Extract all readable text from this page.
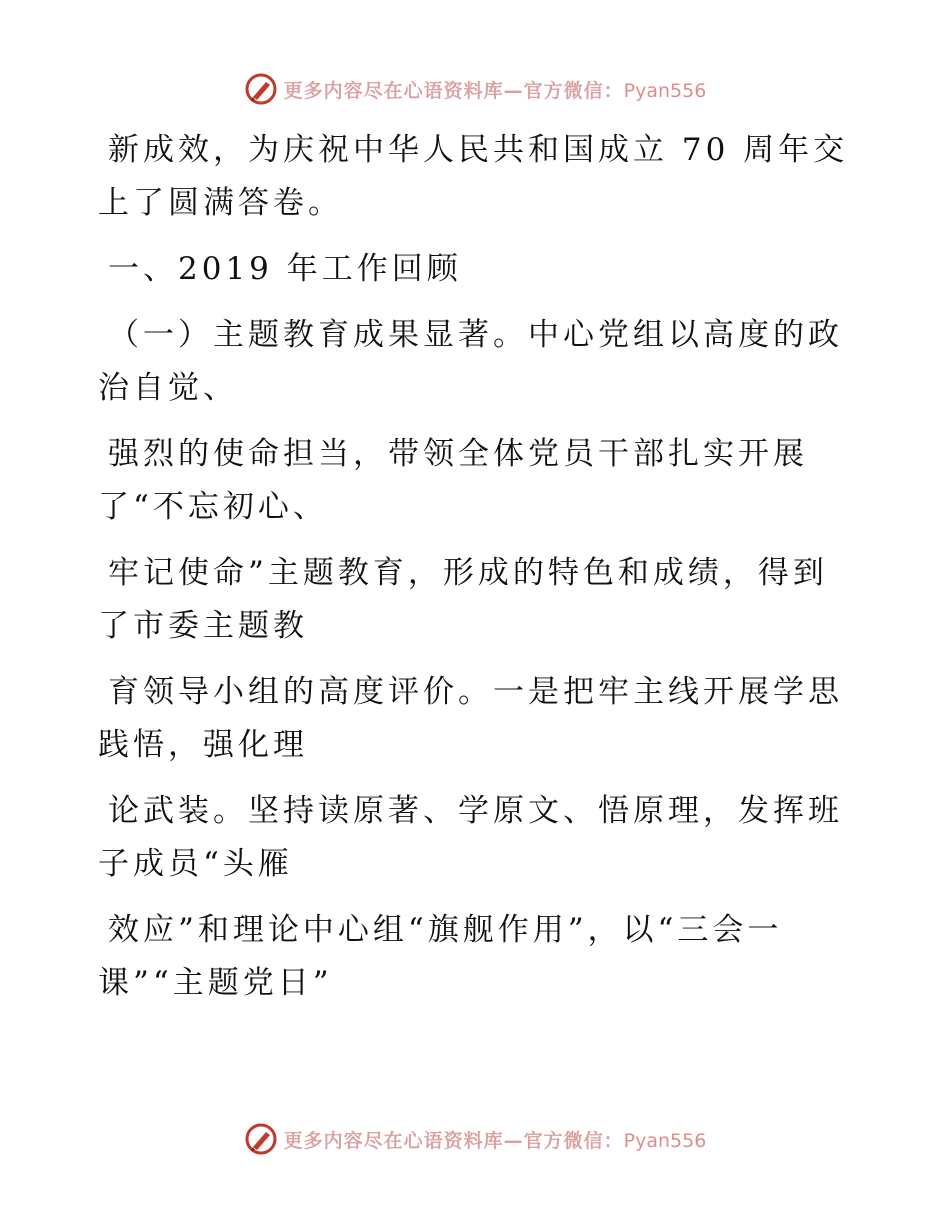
更多内容尽在心语资料库—官方微信：Pyan556

新成效，为庆祝中华人民共和国成立 70 周年交
上了圆满答卷。

一、2019 年工作回顾

（一）主题教育成果显著。中心党组以高度的政
治自觉、

强烈的使命担当，带领全体党员干部扎实开展
了“不忘初心、

牢记使命”主题教育，形成的特色和成绩，得到
了市委主题教

育领导小组的高度评价。一是把牢主线开展学思
践悟，强化理

论武装。坚持读原著、学原文、悟原理，发挥班
子成员“头雁

效应”和理论中心组“旗舰作用”，以“三会一
课”“主题党日”

更多内容尽在心语资料库—官方微信：Pyan556
